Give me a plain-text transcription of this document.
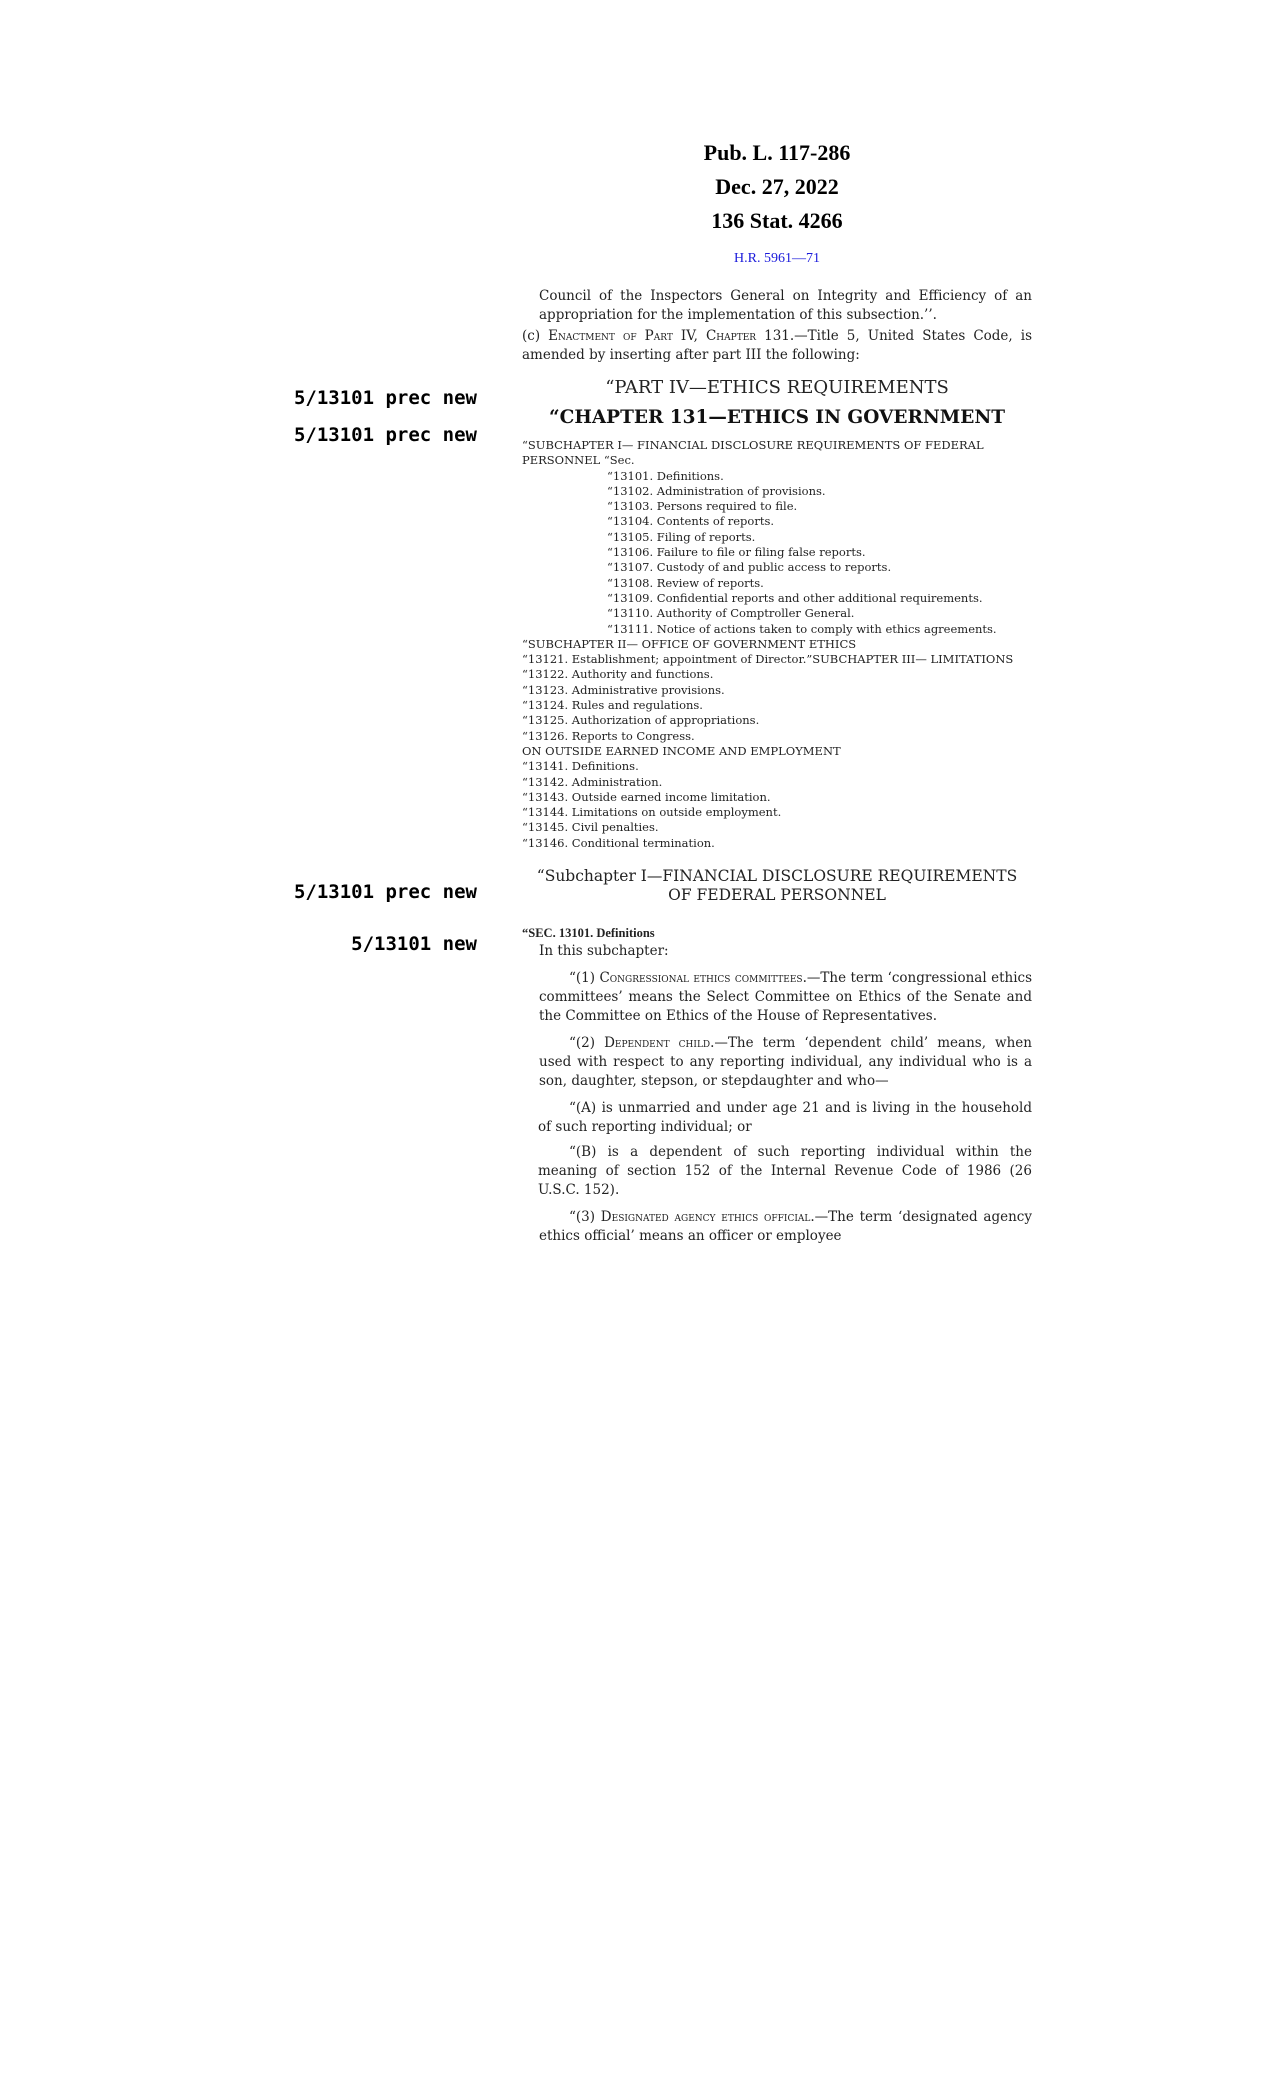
5/13101 prec new
5/13101 prec new
5/13101 prec new
5/13101 new
Pub. L. 117-286
Dec. 27, 2022
136 Stat. 4266
H.R. 5961—71
Council of the Inspectors General on Integrity and Efficiency of an appropriation for the implementation of this subsection.’’.
(c) Enactment of Part IV, Chapter 131.—Title 5, United States Code, is amended by inserting after part III the following:
“PART IV—ETHICS REQUIREMENTS
“CHAPTER 131—ETHICS IN GOVERNMENT
“SUBCHAPTER I— FINANCIAL DISCLOSURE REQUIREMENTS OF FEDERAL PERSONNEL “Sec.
“13101. Definitions.
“13102. Administration of provisions.
“13103. Persons required to file.
“13104. Contents of reports.
“13105. Filing of reports.
“13106. Failure to file or filing false reports.
“13107. Custody of and public access to reports.
“13108. Review of reports.
“13109. Confidential reports and other additional requirements.
“13110. Authority of Comptroller General.
“13111. Notice of actions taken to comply with ethics agreements.
“SUBCHAPTER II— OFFICE OF GOVERNMENT ETHICS
“13121. Establishment; appointment of Director.”SUBCHAPTER III— LIMITATIONS
“13122. Authority and functions.
“13123. Administrative provisions.
“13124. Rules and regulations.
“13125. Authorization of appropriations.
“13126. Reports to Congress.
ON OUTSIDE EARNED INCOME AND EMPLOYMENT
“13141. Definitions.
“13142. Administration.
“13143. Outside earned income limitation.
“13144. Limitations on outside employment.
“13145. Civil penalties.
“13146. Conditional termination.
“Subchapter I—FINANCIAL DISCLOSURE REQUIREMENTS OF FEDERAL PERSONNEL
“SEC. 13101. Definitions
In this subchapter:
“(1) Congressional ethics committees.—The term ‘congressional ethics committees’ means the Select Committee on Ethics of the Senate and the Committee on Ethics of the House of Representatives.
“(2) Dependent child.—The term ‘dependent child’ means, when used with respect to any reporting individual, any individual who is a son, daughter, stepson, or stepdaughter and who—
“(A) is unmarried and under age 21 and is living in the household of such reporting individual; or
“(B) is a dependent of such reporting individual within the meaning of section 152 of the Internal Revenue Code of 1986 (26 U.S.C. 152).
“(3) Designated agency ethics official.—The term ‘designated agency ethics official’ means an officer or employee
